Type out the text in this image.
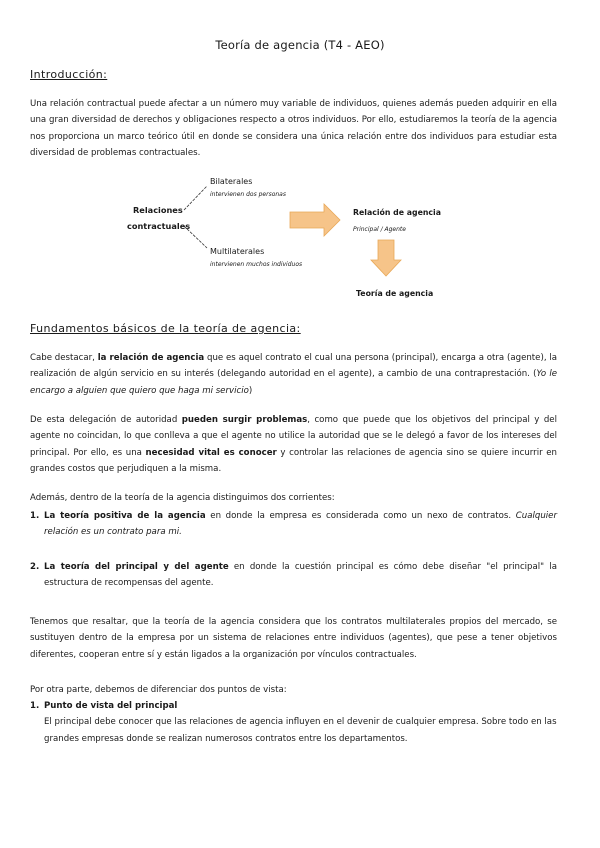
Teoría de agencia (T4 - AEO)
Introducción:

Una relación contractual puede afectar a un número muy variable de individuos, quienes además pueden adquirir en ella una gran diversidad de derechos y obligaciones respecto a otros individuos. Por ello, estudiaremos la teoría de la agencia nos proporciona un marco teórico útil en donde se considera una única relación entre dos individuos para estudiar esta diversidad de problemas contractuales.

Relaciones
contractuales
Bilaterales
intervienen dos personas
Multilaterales
intervienen muchos individuos
Relación de agencia
Principal / Agente
Teoría de agencia
Fundamentos básicos de la teoría de agencia:

Cabe destacar, la relación de agencia que es aquel contrato el cual una persona (principal), encarga a otra (agente), la realización de algún servicio en su interés (delegando autoridad en el agente), a cambio de una contraprestación. (Yo le encargo a alguien que quiero que haga mi servicio)

De esta delegación de autoridad pueden surgir problemas, como que puede que los objetivos del principal y del agente no coincidan, lo que conlleva a que el agente no utilice la autoridad que se le delegó a favor de los intereses del principal. Por ello, es una necesidad vital es conocer y controlar las relaciones de agencia sino se quiere incurrir en grandes costos que perjudiquen a la misma.

Además, dentro de la teoría de la agencia distinguimos dos corrientes:

1. La teoría positiva de la agencia en donde la empresa es considerada como un nexo de contratos. Cualquier relación es un contrato para mi.
2. La teoría del principal y del agente en donde la cuestión principal es cómo debe diseñar "el principal" la estructura de recompensas del agente.

Tenemos que resaltar, que la teoría de la agencia considera que los contratos multilaterales propios del mercado, se sustituyen dentro de la empresa por un sistema de relaciones entre individuos (agentes), que pese a tener objetivos diferentes, cooperan entre sí y están ligados a la organización por vínculos contractuales.

Por otra parte, debemos de diferenciar dos puntos de vista:

1. Punto de vista del principal
El principal debe conocer que las relaciones de agencia influyen en el devenir de cualquier empresa. Sobre todo en las grandes empresas donde se realizan numerosos contratos entre los departamentos.
